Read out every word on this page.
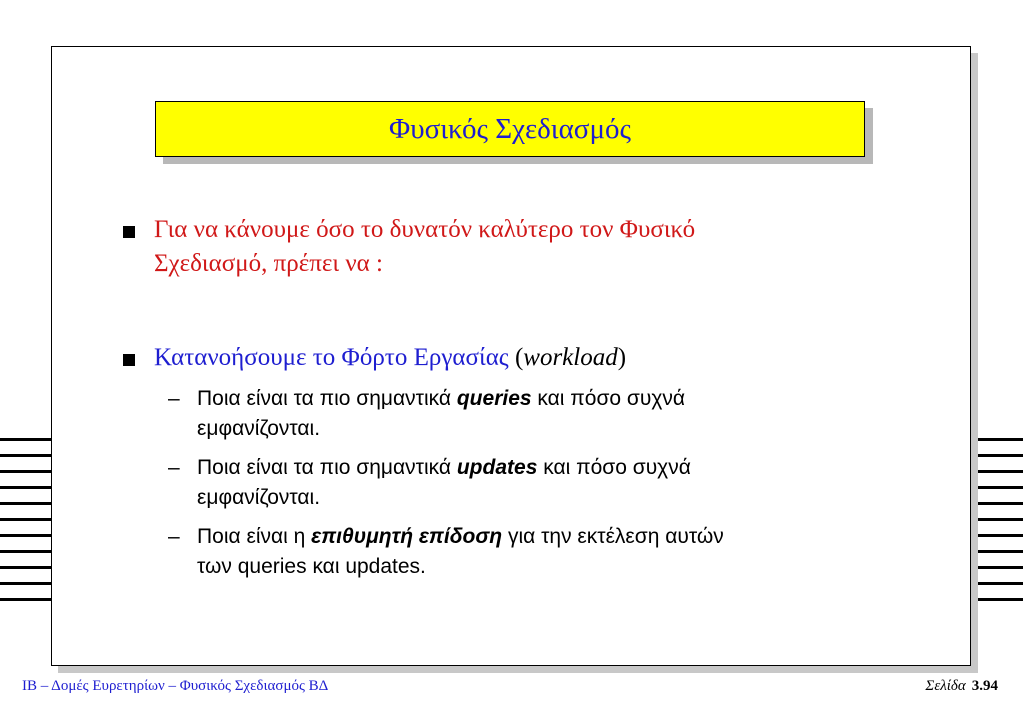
Φυσικός Σχεδιασμός
Για να κάνουμε όσο το δυνατόν καλύτερο τον Φυσικό
Σχεδιασμό, πρέπει να :
Κατανοήσουμε το Φόρτο Εργασίας (workload)
– Ποια είναι τα πιο σημαντικά queries και πόσο συχνά
εμφανίζονται.
– Ποια είναι τα πιο σημαντικά updates και πόσο συχνά
εμφανίζονται.
– Ποια είναι η επιθυμητή επίδοση για την εκτέλεση αυτών
των queries και updates.
ΙΒ – Δομές Ευρετηρίων – Φυσικός Σχεδιασμός ΒΔ	Σελίδα 3.94
